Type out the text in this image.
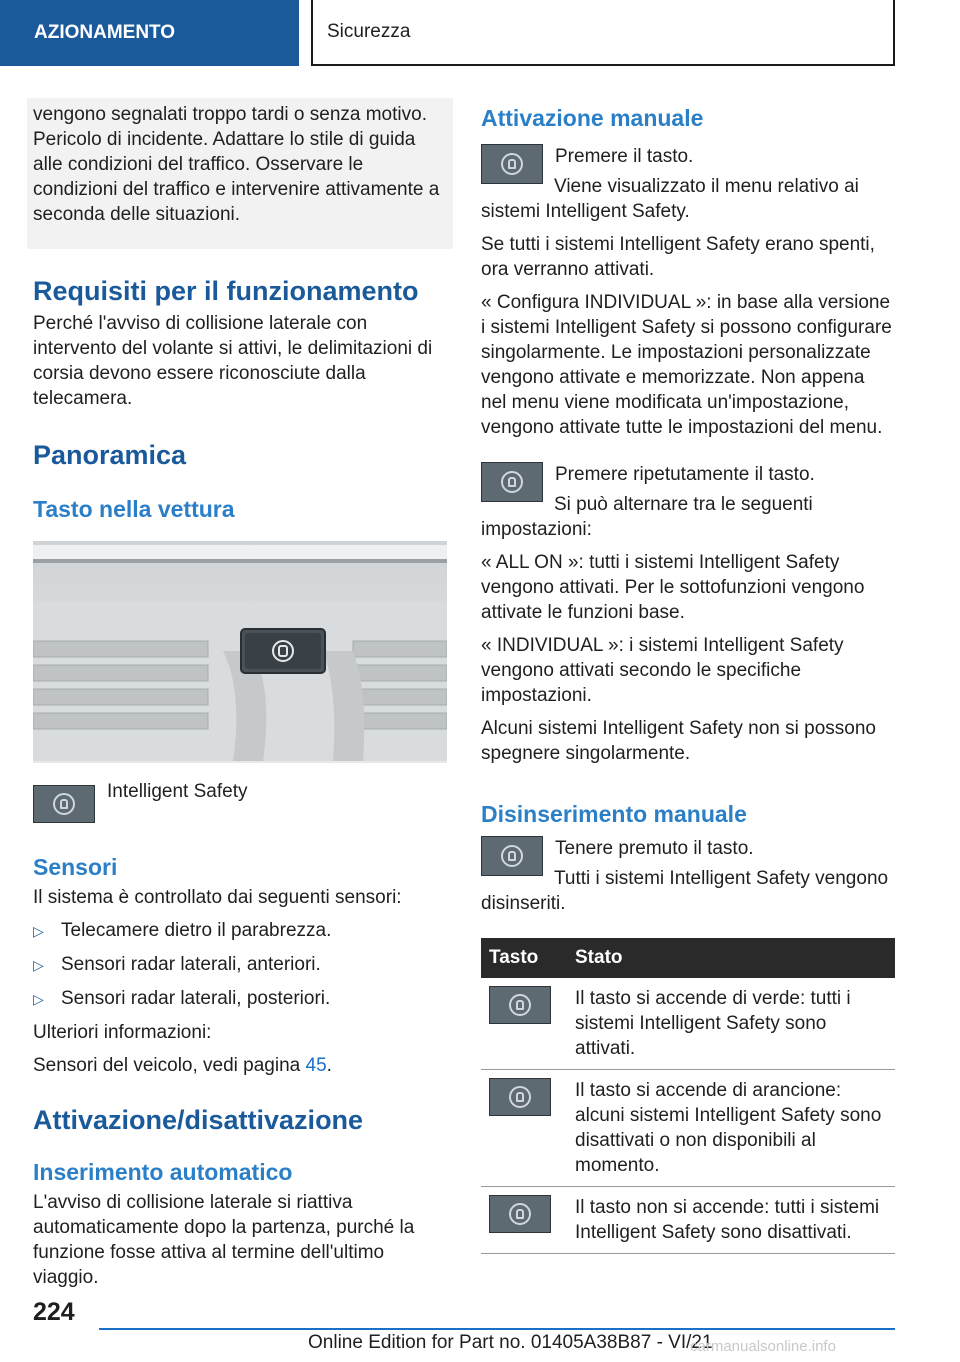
AZIONAMENTO	Sicurezza

vengono segnalati troppo tardi o senza motivo. Pericolo di incidente. Adattare lo stile di guida alle condizioni del traffico. Osservare le condizioni del traffico e intervenire attivamente a seconda delle situazioni.

Requisiti per il funzionamento

Perché l'avviso di collisione laterale con intervento del volante si attivi, le delimitazioni di corsia devono essere riconosciute dalla telecamera.

Panoramica
Tasto nella vettura

Intelligent Safety

Sensori

Il sistema è controllato dai seguenti sensori:

▷ Telecamere dietro il parabrezza.
▷ Sensori radar laterali, anteriori.
▷ Sensori radar laterali, posteriori.

Ulteriori informazioni:

Sensori del veicolo, vedi pagina 45.

Attivazione/disattivazione
Inserimento automatico

L'avviso di collisione laterale si riattiva automaticamente dopo la partenza, purché la funzione fosse attiva al termine dell'ultimo viaggio.

Attivazione manuale

Premere il tasto.

Viene visualizzato il menu relativo ai sistemi Intelligent Safety.

Se tutti i sistemi Intelligent Safety erano spenti, ora verranno attivati.

« Configura INDIVIDUAL »: in base alla versione i sistemi Intelligent Safety si possono configurare singolarmente. Le impostazioni personalizzate vengono attivate e memorizzate. Non appena nel menu viene modificata un'impostazione, vengono attivate tutte le impostazioni del menu.

Premere ripetutamente il tasto.

Si può alternare tra le seguenti impostazioni:

« ALL ON »: tutti i sistemi Intelligent Safety vengono attivati. Per le sottofunzioni vengono attivate le funzioni base.

« INDIVIDUAL »: i sistemi Intelligent Safety vengono attivati secondo le specifiche impostazioni.

Alcuni sistemi Intelligent Safety non si possono spegnere singolarmente.

Disinserimento manuale

Tenere premuto il tasto.

Tutti i sistemi Intelligent Safety vengono disinseriti.

Tasto	Stato

	Il tasto si accende di verde: tutti i sistemi Intelligent Safety sono attivati.

	Il tasto si accende di arancione: alcuni sistemi Intelligent Safety sono disattivati o non disponibili al momento.

	Il tasto non si accende: tutti i sistemi Intelligent Safety sono disattivati.
224
Online Edition for Part no. 01405A38B87 - VI/21
carmanualsonline.info
